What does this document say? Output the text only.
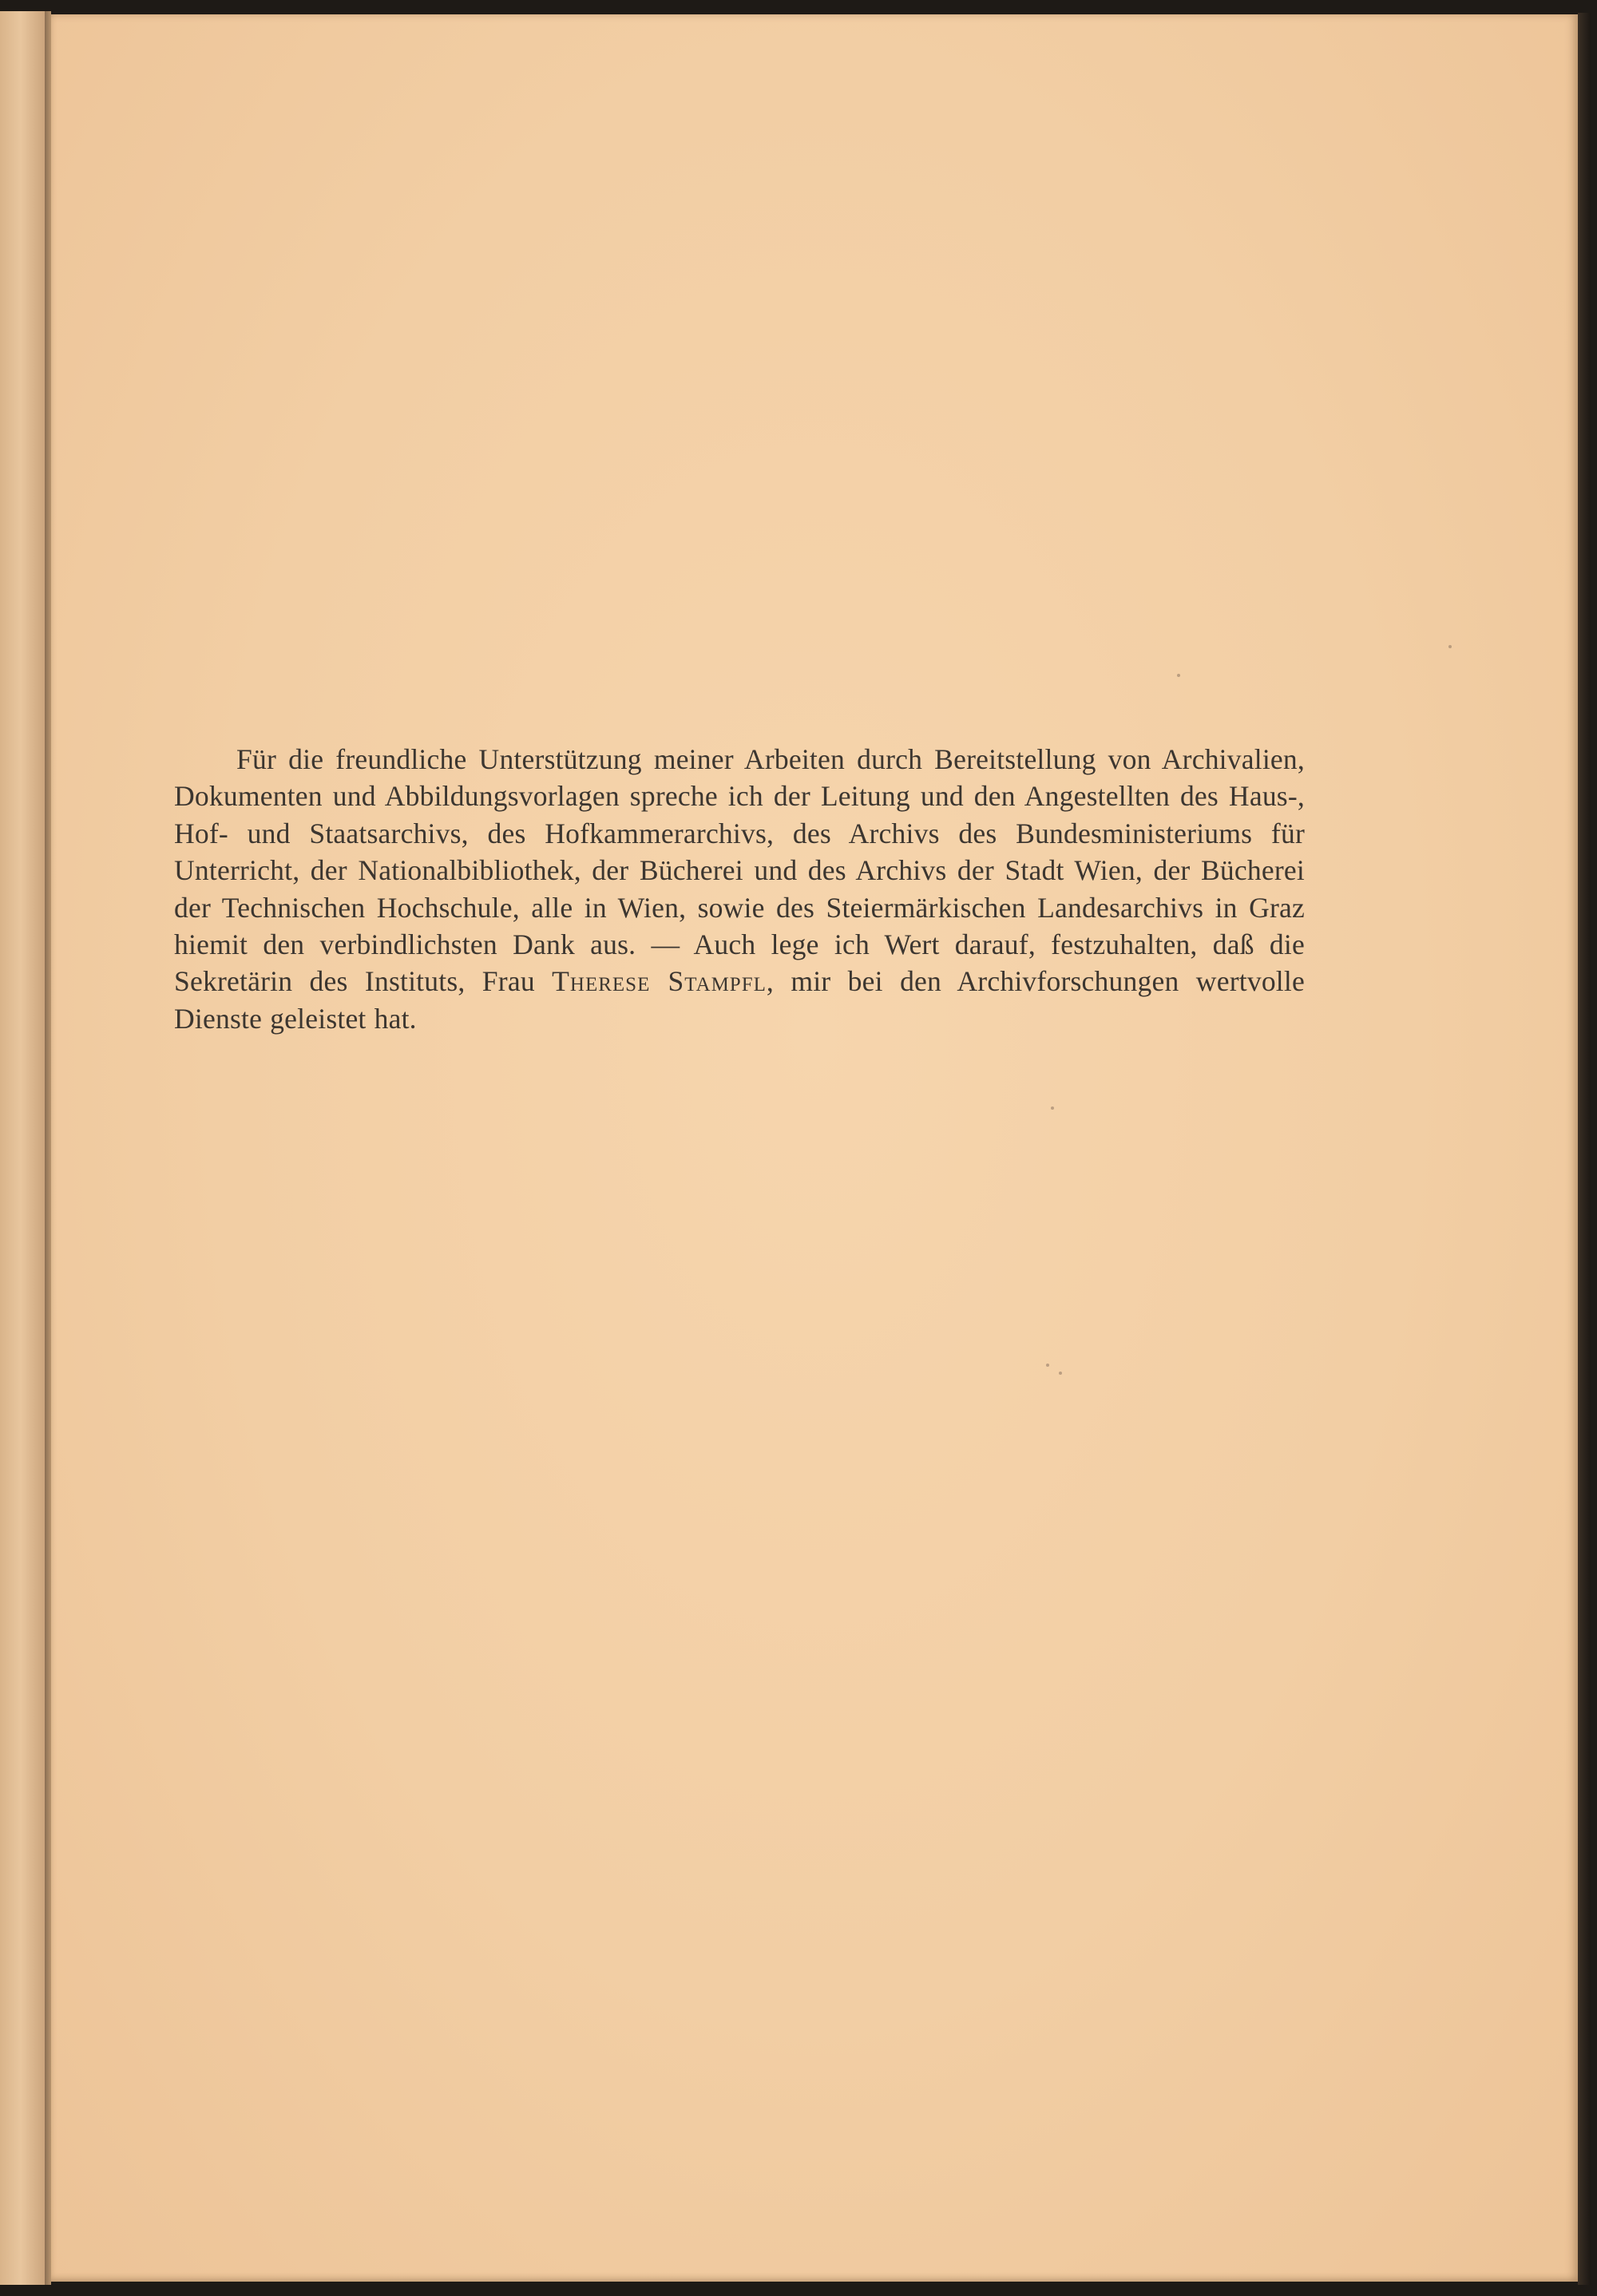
Für die freundliche Unterstützung meiner Arbeiten durch Bereitstellung von Archivalien, Dokumenten und Abbildungsvorlagen spreche ich der Leitung und den Angestellten des Haus-, Hof- und Staatsarchivs, des Hofkammerarchivs, des Archivs des Bundesministeriums für Unterricht, der Nationalbibliothek, der Bücherei und des Archivs der Stadt Wien, der Bücherei der Technischen Hochschule, alle in Wien, sowie des Steiermärkischen Landesarchivs in Graz hiemit den verbindlichsten Dank aus. — Auch lege ich Wert darauf, festzuhalten, daß die Sekretärin des Instituts, Frau Therese Stampfl, mir bei den Archivforschungen wertvolle Dienste geleistet hat.
